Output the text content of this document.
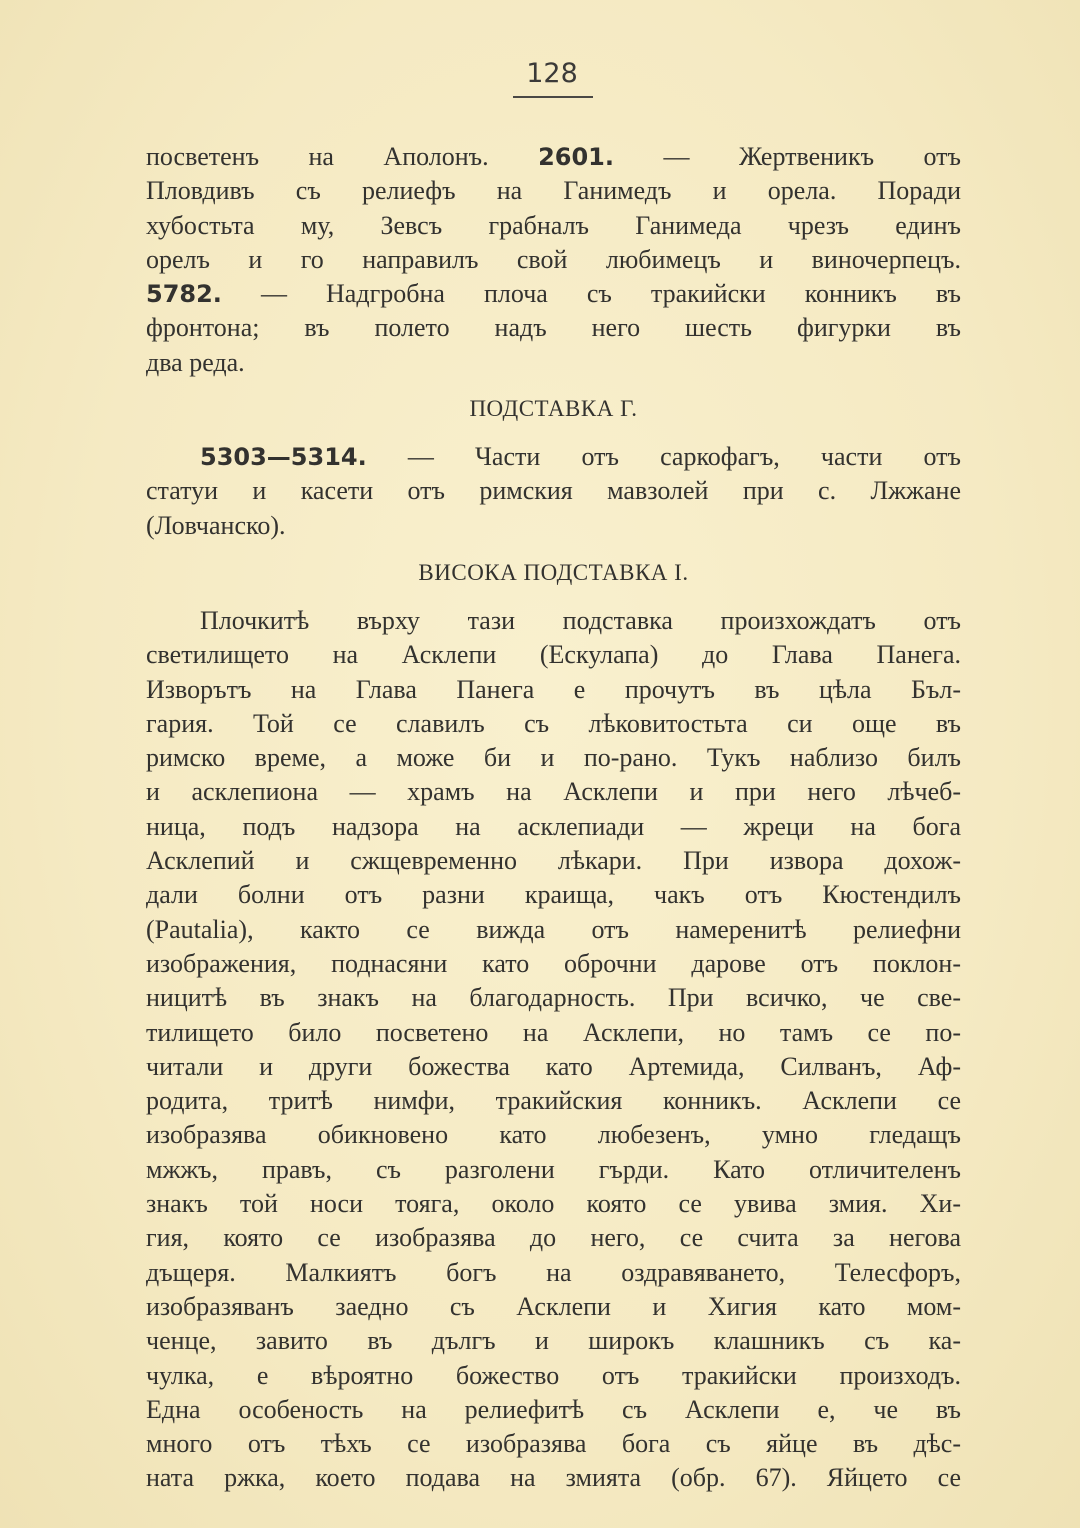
128
посветенъ на Аполонъ. 2601. — Жертвеникъ отъ
Пловдивъ съ релиефъ на Ганимедъ и орела. Поради
хубостьта му, Зевсъ грабналъ Ганимеда чрезъ единъ
орелъ и го направилъ свой любимецъ и виночерпецъ.
5782. — Надгробна плоча съ тракийски конникъ въ
фронтона; въ полето надъ него шесть фигурки въ
два реда.
ПОДСТАВКА Г.
5303—5314. — Части отъ саркофагъ, части отъ
статуи и касети отъ римския мавзолей при с. Лжжане
(Ловчанско).
ВИСОКА ПОДСТАВКА I.
Плочкитѣ върху тази подставка произхождатъ отъ
светилището на Асклепи (Ескулапа) до Глава Панега.
Изворътъ на Глава Панега е прочутъ въ цѣла Бъл-
гария. Той се славилъ съ лѣковитостьта си още въ
римско време, а може би и по-рано. Тукъ наблизо билъ
и асклепиона — храмъ на Асклепи и при него лѣчеб-
ница, подъ надзора на асклепиади — жреци на бога
Асклепий и сжщевременно лѣкари. При извора дохож-
дали болни отъ разни краища, чакъ отъ Кюстендилъ
(Pautalia), както се вижда отъ намеренитѣ релиефни
изображения, поднасяни като оброчни дарове отъ поклон-
ницитѣ въ знакъ на благодарность. При всичко, че све-
тилището било посветено на Асклепи, но тамъ се по-
читали и други божества като Артемида, Силванъ, Аф-
родита, тритѣ нимфи, тракийския конникъ. Асклепи се
изобразява обикновено като любезенъ, умно гледащъ
мжжъ, правъ, съ разголени гърди. Като отличителенъ
знакъ той носи тояга, около която се увива змия. Хи-
гия, която се изобразява до него, се счита за негова
дъщеря. Малкиятъ богъ на оздравяването, Телесфоръ,
изобразяванъ заедно съ Асклепи и Хигия като мом-
ченце, завито въ дългъ и широкъ клашникъ съ ка-
чулка, е вѣроятно божество отъ тракийски произходъ.
Една особеность на релиефитѣ съ Асклепи е, че въ
много отъ тѣхъ се изобразява бога съ яйце въ дѣс-
ната ржка, което подава на змията (обр. 67). Яйцето се
